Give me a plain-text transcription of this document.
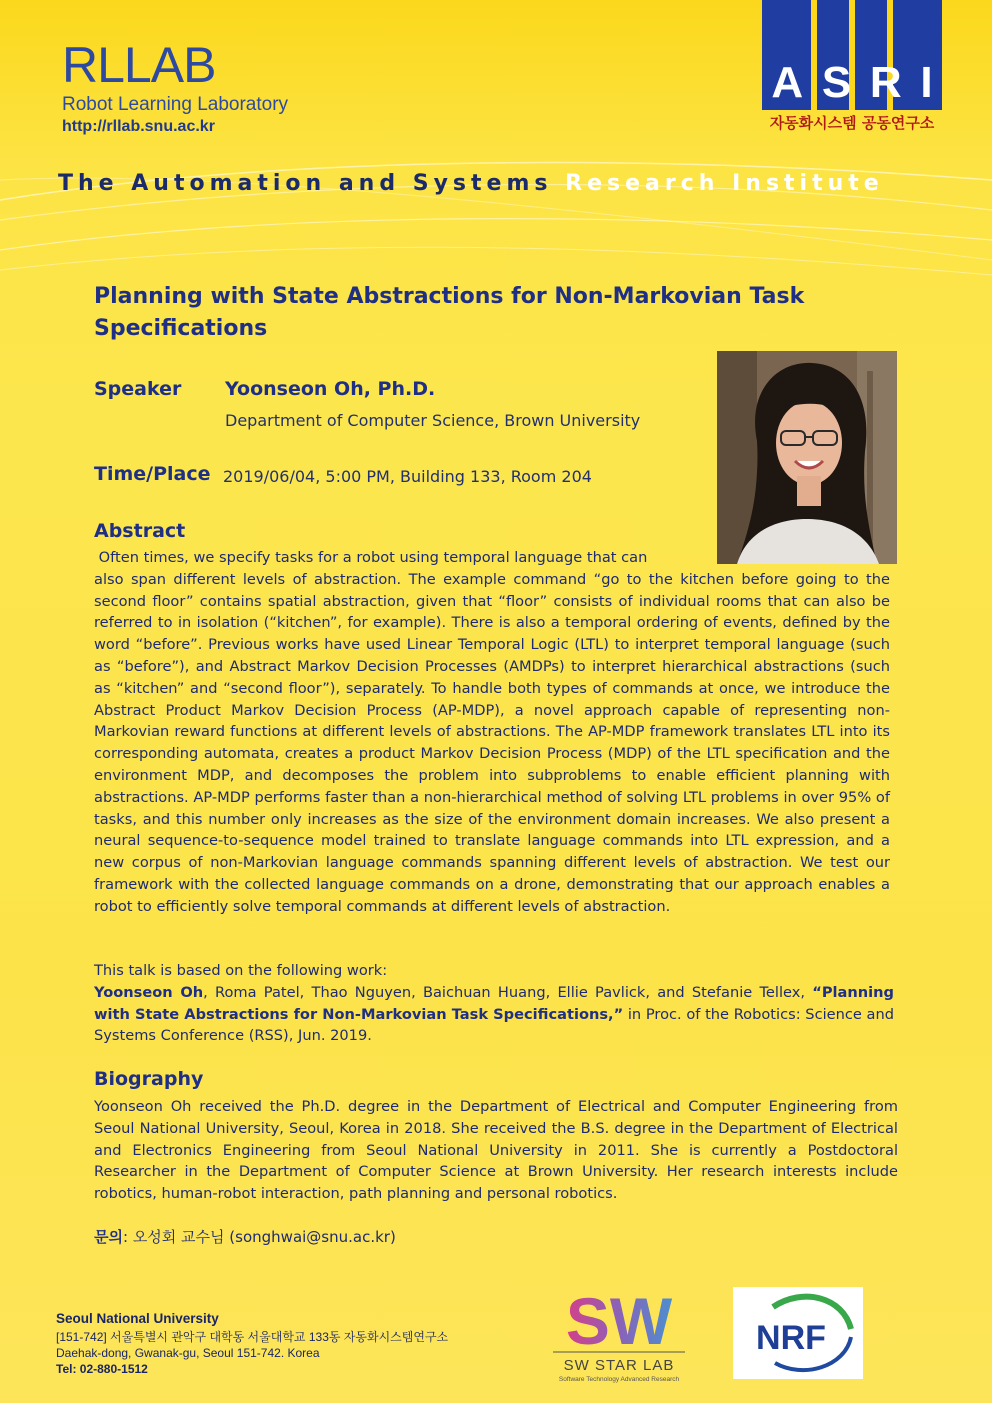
RLLAB
Robot Learning Laboratory
http://rllab.snu.ac.kr
A S R I
자동화시스템 공동연구소
The Automation and Systems Research Institute
Planning with State Abstractions for Non-Markovian Task Specifications
Speaker Yoonseon Oh, Ph.D.
Department of Computer Science, Brown University
Time/Place 2019/06/04, 5:00 PM, Building 133, Room 204
Abstract
Often times, we specify tasks for a robot using temporal language that can
also span different levels of abstraction. The example command “go to the kitchen before going to the second floor” contains spatial abstraction, given that “floor” consists of individual rooms that can also be referred to in isolation (“kitchen”, for example). There is also a temporal ordering of events, defined by the word “before”. Previous works have used Linear Temporal Logic (LTL) to interpret temporal language (such as “before”), and Abstract Markov Decision Processes (AMDPs) to interpret hierarchical abstractions (such as “kitchen” and “second floor”), separately. To handle both types of commands at once, we introduce the Abstract Product Markov Decision Process (AP-MDP), a novel approach capable of representing non-Markovian reward functions at different levels of abstractions. The AP-MDP framework translates LTL into its corresponding automata, creates a product Markov Decision Process (MDP) of the LTL specification and the environment MDP, and decomposes the problem into subproblems to enable efficient planning with abstractions. AP-MDP performs faster than a non-hierarchical method of solving LTL problems in over 95% of tasks, and this number only increases as the size of the environment domain increases. We also present a neural sequence-to-sequence model trained to translate language commands into LTL expression, and a new corpus of non-Markovian language commands spanning different levels of abstraction. We test our framework with the collected language commands on a drone, demonstrating that our approach enables a robot to efficiently solve temporal commands at different levels of abstraction.
This talk is based on the following work:
Yoonseon Oh, Roma Patel, Thao Nguyen, Baichuan Huang, Ellie Pavlick, and Stefanie Tellex, “Planning with State Abstractions for Non-Markovian Task Specifications,” in Proc. of the Robotics: Science and Systems Conference (RSS), Jun. 2019.
Biography
Yoonseon Oh received the Ph.D. degree in the Department of Electrical and Computer Engineering from Seoul National University, Seoul, Korea in 2018. She received the B.S. degree in the Department of Electrical and Electronics Engineering from Seoul National University in 2011. She is currently a Postdoctoral Researcher in the Department of Computer Science at Brown University. Her research interests include robotics, human-robot interaction, path planning and personal robotics.
문의: 오성회 교수님 (songhwai@snu.ac.kr)
Seoul National University
[151-742] 서울특별시 관악구 대학동 서울대학교 133동 자동화시스템연구소
Daehak-dong, Gwanak-gu, Seoul 151-742. Korea
Tel: 02-880-1512
SW
SW STAR LAB
Software Technology Advanced Research
NRF
